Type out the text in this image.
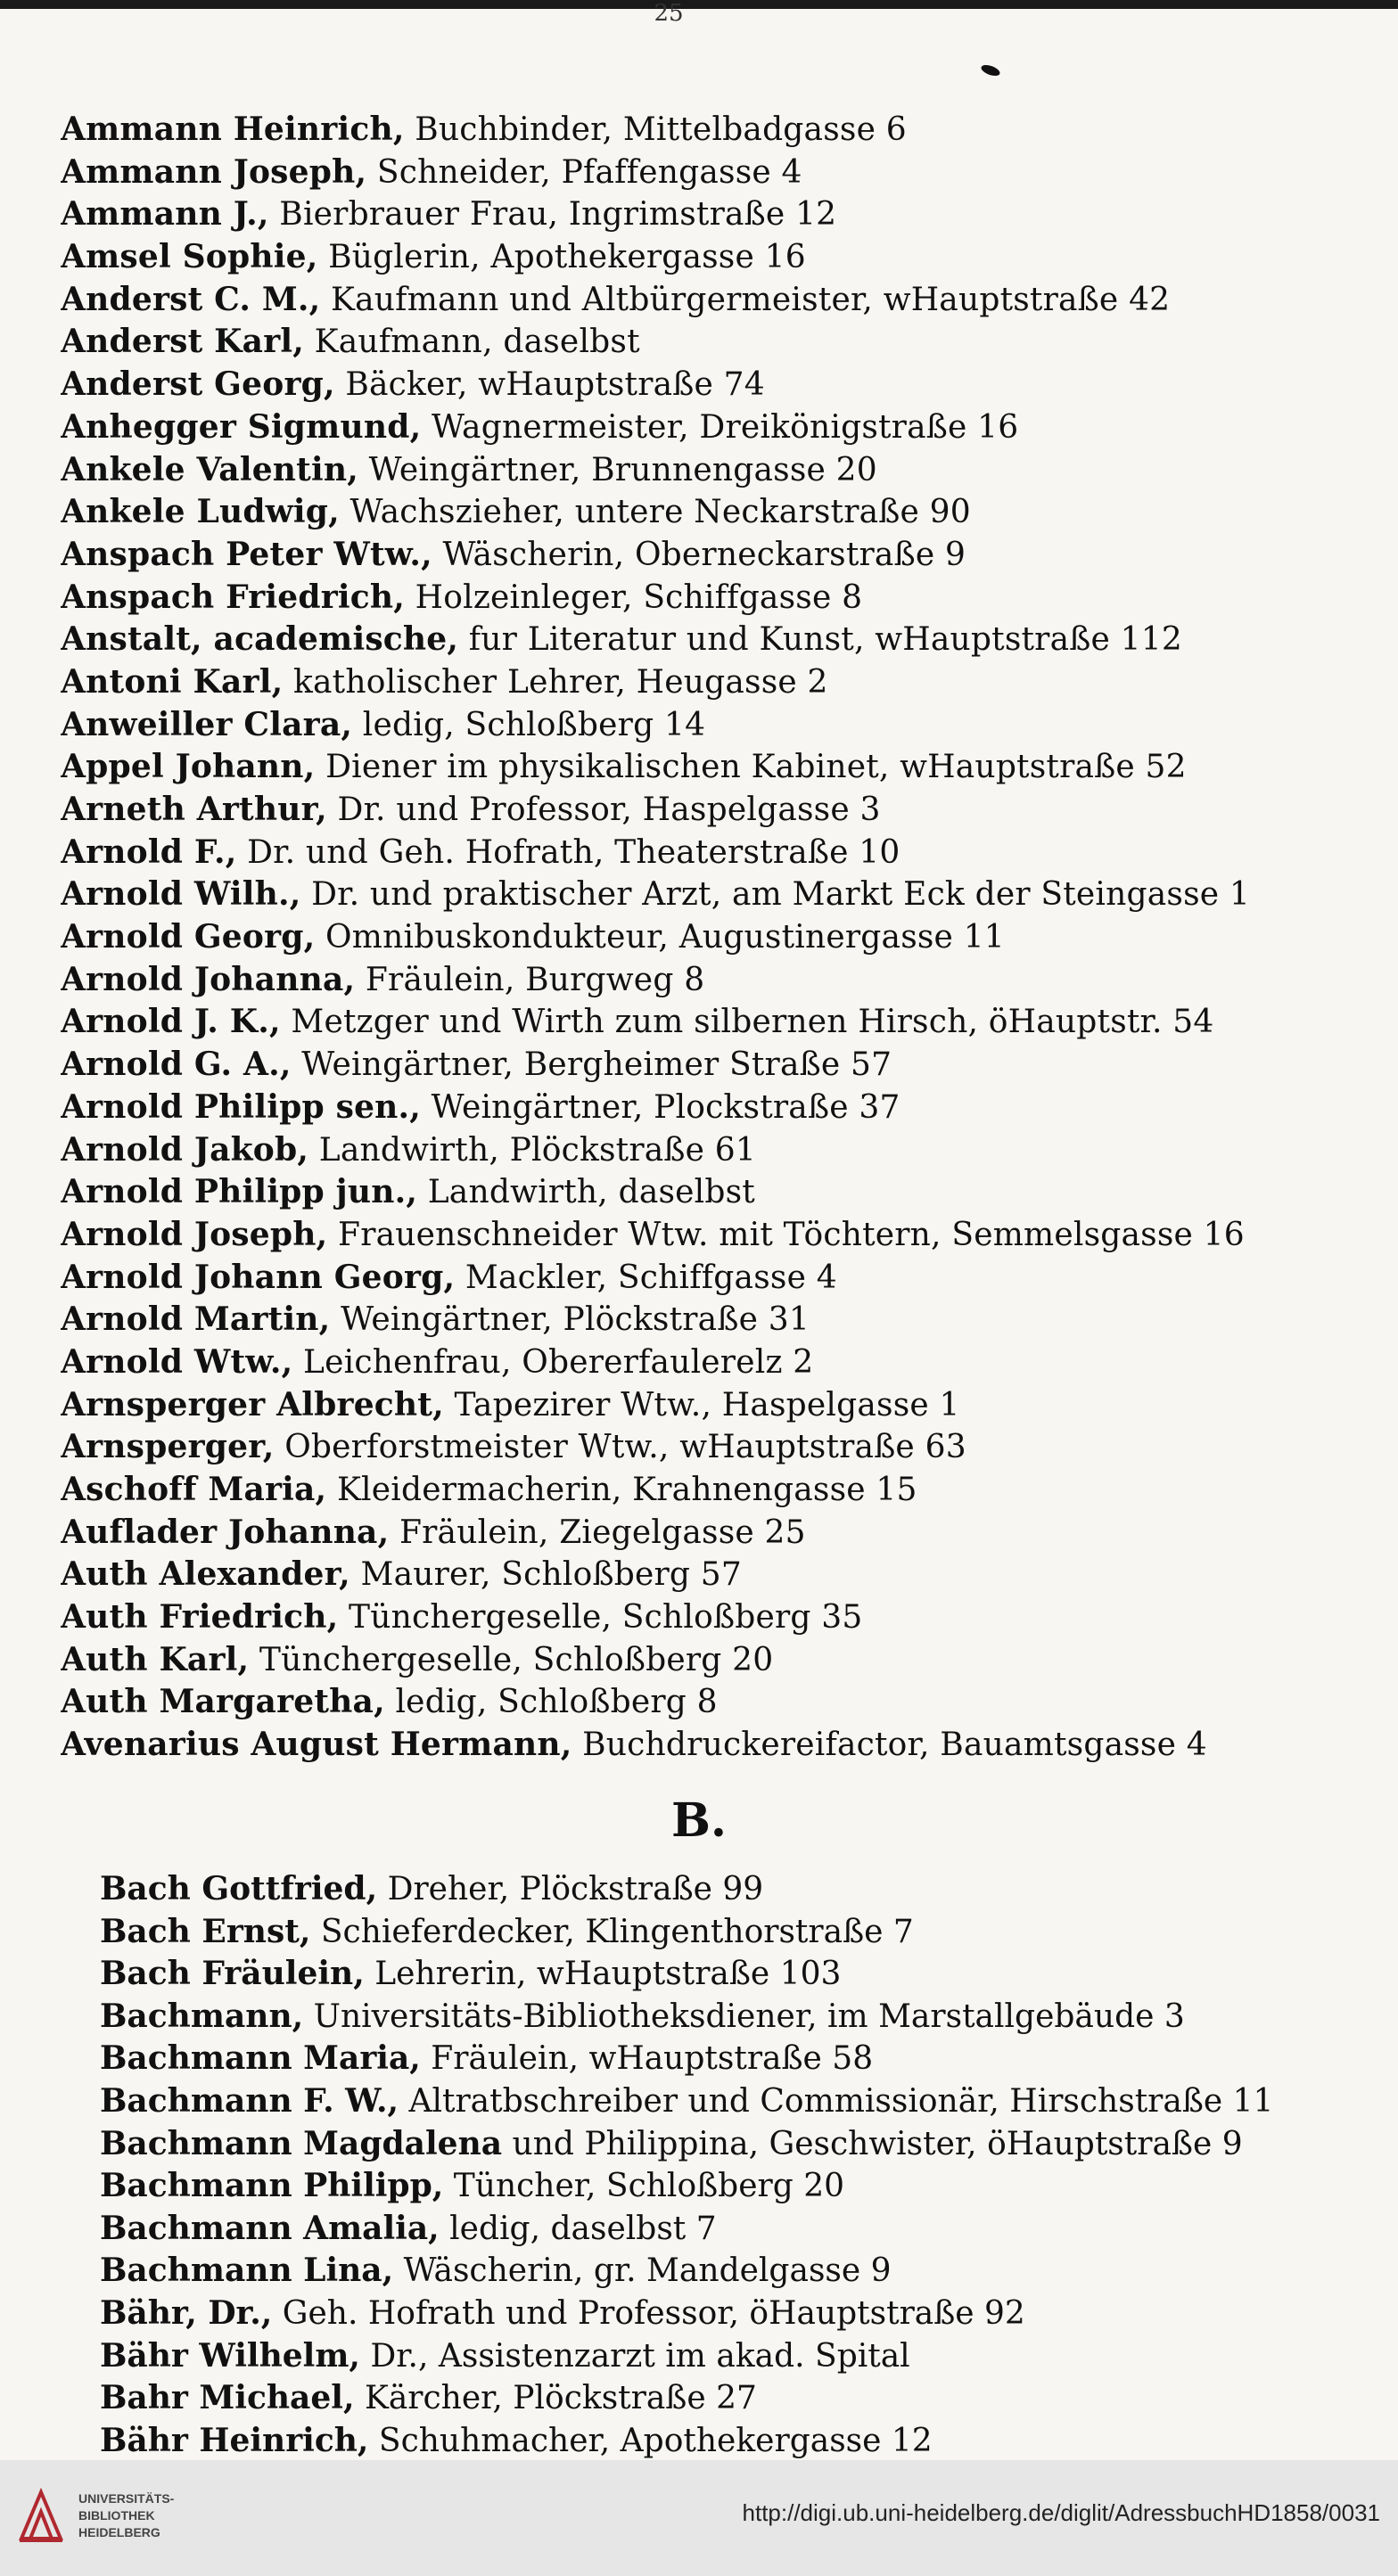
25
Ammann Heinrich, Buchbinder, Mittelbadgasse 6
Ammann Joseph, Schneider, Pfaffengasse 4
Ammann J., Bierbrauer Frau, Ingrimstraße 12
Amsel Sophie, Büglerin, Apothekergasse 16
Anderst C. M., Kaufmann und Altbürgermeister, wHauptstraße 42
Anderst Karl, Kaufmann, daselbst
Anderst Georg, Bäcker, wHauptstraße 74
Anhegger Sigmund, Wagnermeister, Dreikönigstraße 16
Ankele Valentin, Weingärtner, Brunnengasse 20
Ankele Ludwig, Wachszieher, untere Neckarstraße 90
Anspach Peter Wtw., Wäscherin, Oberneckarstraße 9
Anspach Friedrich, Holzeinleger, Schiffgasse 8
Anstalt, academische, fur Literatur und Kunst, wHauptstraße 112
Antoni Karl, katholischer Lehrer, Heugasse 2
Anweiller Clara, ledig, Schloßberg 14
Appel Johann, Diener im physikalischen Kabinet, wHauptstraße 52
Arneth Arthur, Dr. und Professor, Haspelgasse 3
Arnold F., Dr. und Geh. Hofrath, Theaterstraße 10
Arnold Wilh., Dr. und praktischer Arzt, am Markt Eck der Steingasse 1
Arnold Georg, Omnibuskondukteur, Augustinergasse 11
Arnold Johanna, Fräulein, Burgweg 8
Arnold J. K., Metzger und Wirth zum silbernen Hirsch, öHauptstr. 54
Arnold G. A., Weingärtner, Bergheimer Straße 57
Arnold Philipp sen., Weingärtner, Plockstraße 37
Arnold Jakob, Landwirth, Plöckstraße 61
Arnold Philipp jun., Landwirth, daselbst
Arnold Joseph, Frauenschneider Wtw. mit Töchtern, Semmelsgasse 16
Arnold Johann Georg, Mackler, Schiffgasse 4
Arnold Martin, Weingärtner, Plöckstraße 31
Arnold Wtw., Leichenfrau, Obererfaulerelz 2
Arnsperger Albrecht, Tapezirer Wtw., Haspelgasse 1
Arnsperger, Oberforstmeister Wtw., wHauptstraße 63
Aschoff Maria, Kleidermacherin, Krahnengasse 15
Auflader Johanna, Fräulein, Ziegelgasse 25
Auth Alexander, Maurer, Schloßberg 57
Auth Friedrich, Tünchergeselle, Schloßberg 35
Auth Karl, Tünchergeselle, Schloßberg 20
Auth Margaretha, ledig, Schloßberg 8
Avenarius August Hermann, Buchdruckereifactor, Bauamtsgasse 4
B.
Bach Gottfried, Dreher, Plöckstraße 99
Bach Ernst, Schieferdecker, Klingenthorstraße 7
Bach Fräulein, Lehrerin, wHauptstraße 103
Bachmann, Universitäts-Bibliotheksdiener, im Marstallgebäude 3
Bachmann Maria, Fräulein, wHauptstraße 58
Bachmann F. W., Altratbschreiber und Commissionär, Hirschstraße 11
Bachmann Magdalena und Philippina, Geschwister, öHauptstraße 9
Bachmann Philipp, Tüncher, Schloßberg 20
Bachmann Amalia, ledig, daselbst 7
Bachmann Lina, Wäscherin, gr. Mandelgasse 9
Bähr, Dr., Geh. Hofrath und Professor, öHauptstraße 92
Bähr Wilhelm, Dr., Assistenzarzt im akad. Spital
Bahr Michael, Kärcher, Plöckstraße 27
Bähr Heinrich, Schuhmacher, Apothekergasse 12
UNIVERSITÄTS-
BIBLIOTHEK
HEIDELBERG
http://digi.ub.uni-heidelberg.de/diglit/AdressbuchHD1858/0031
